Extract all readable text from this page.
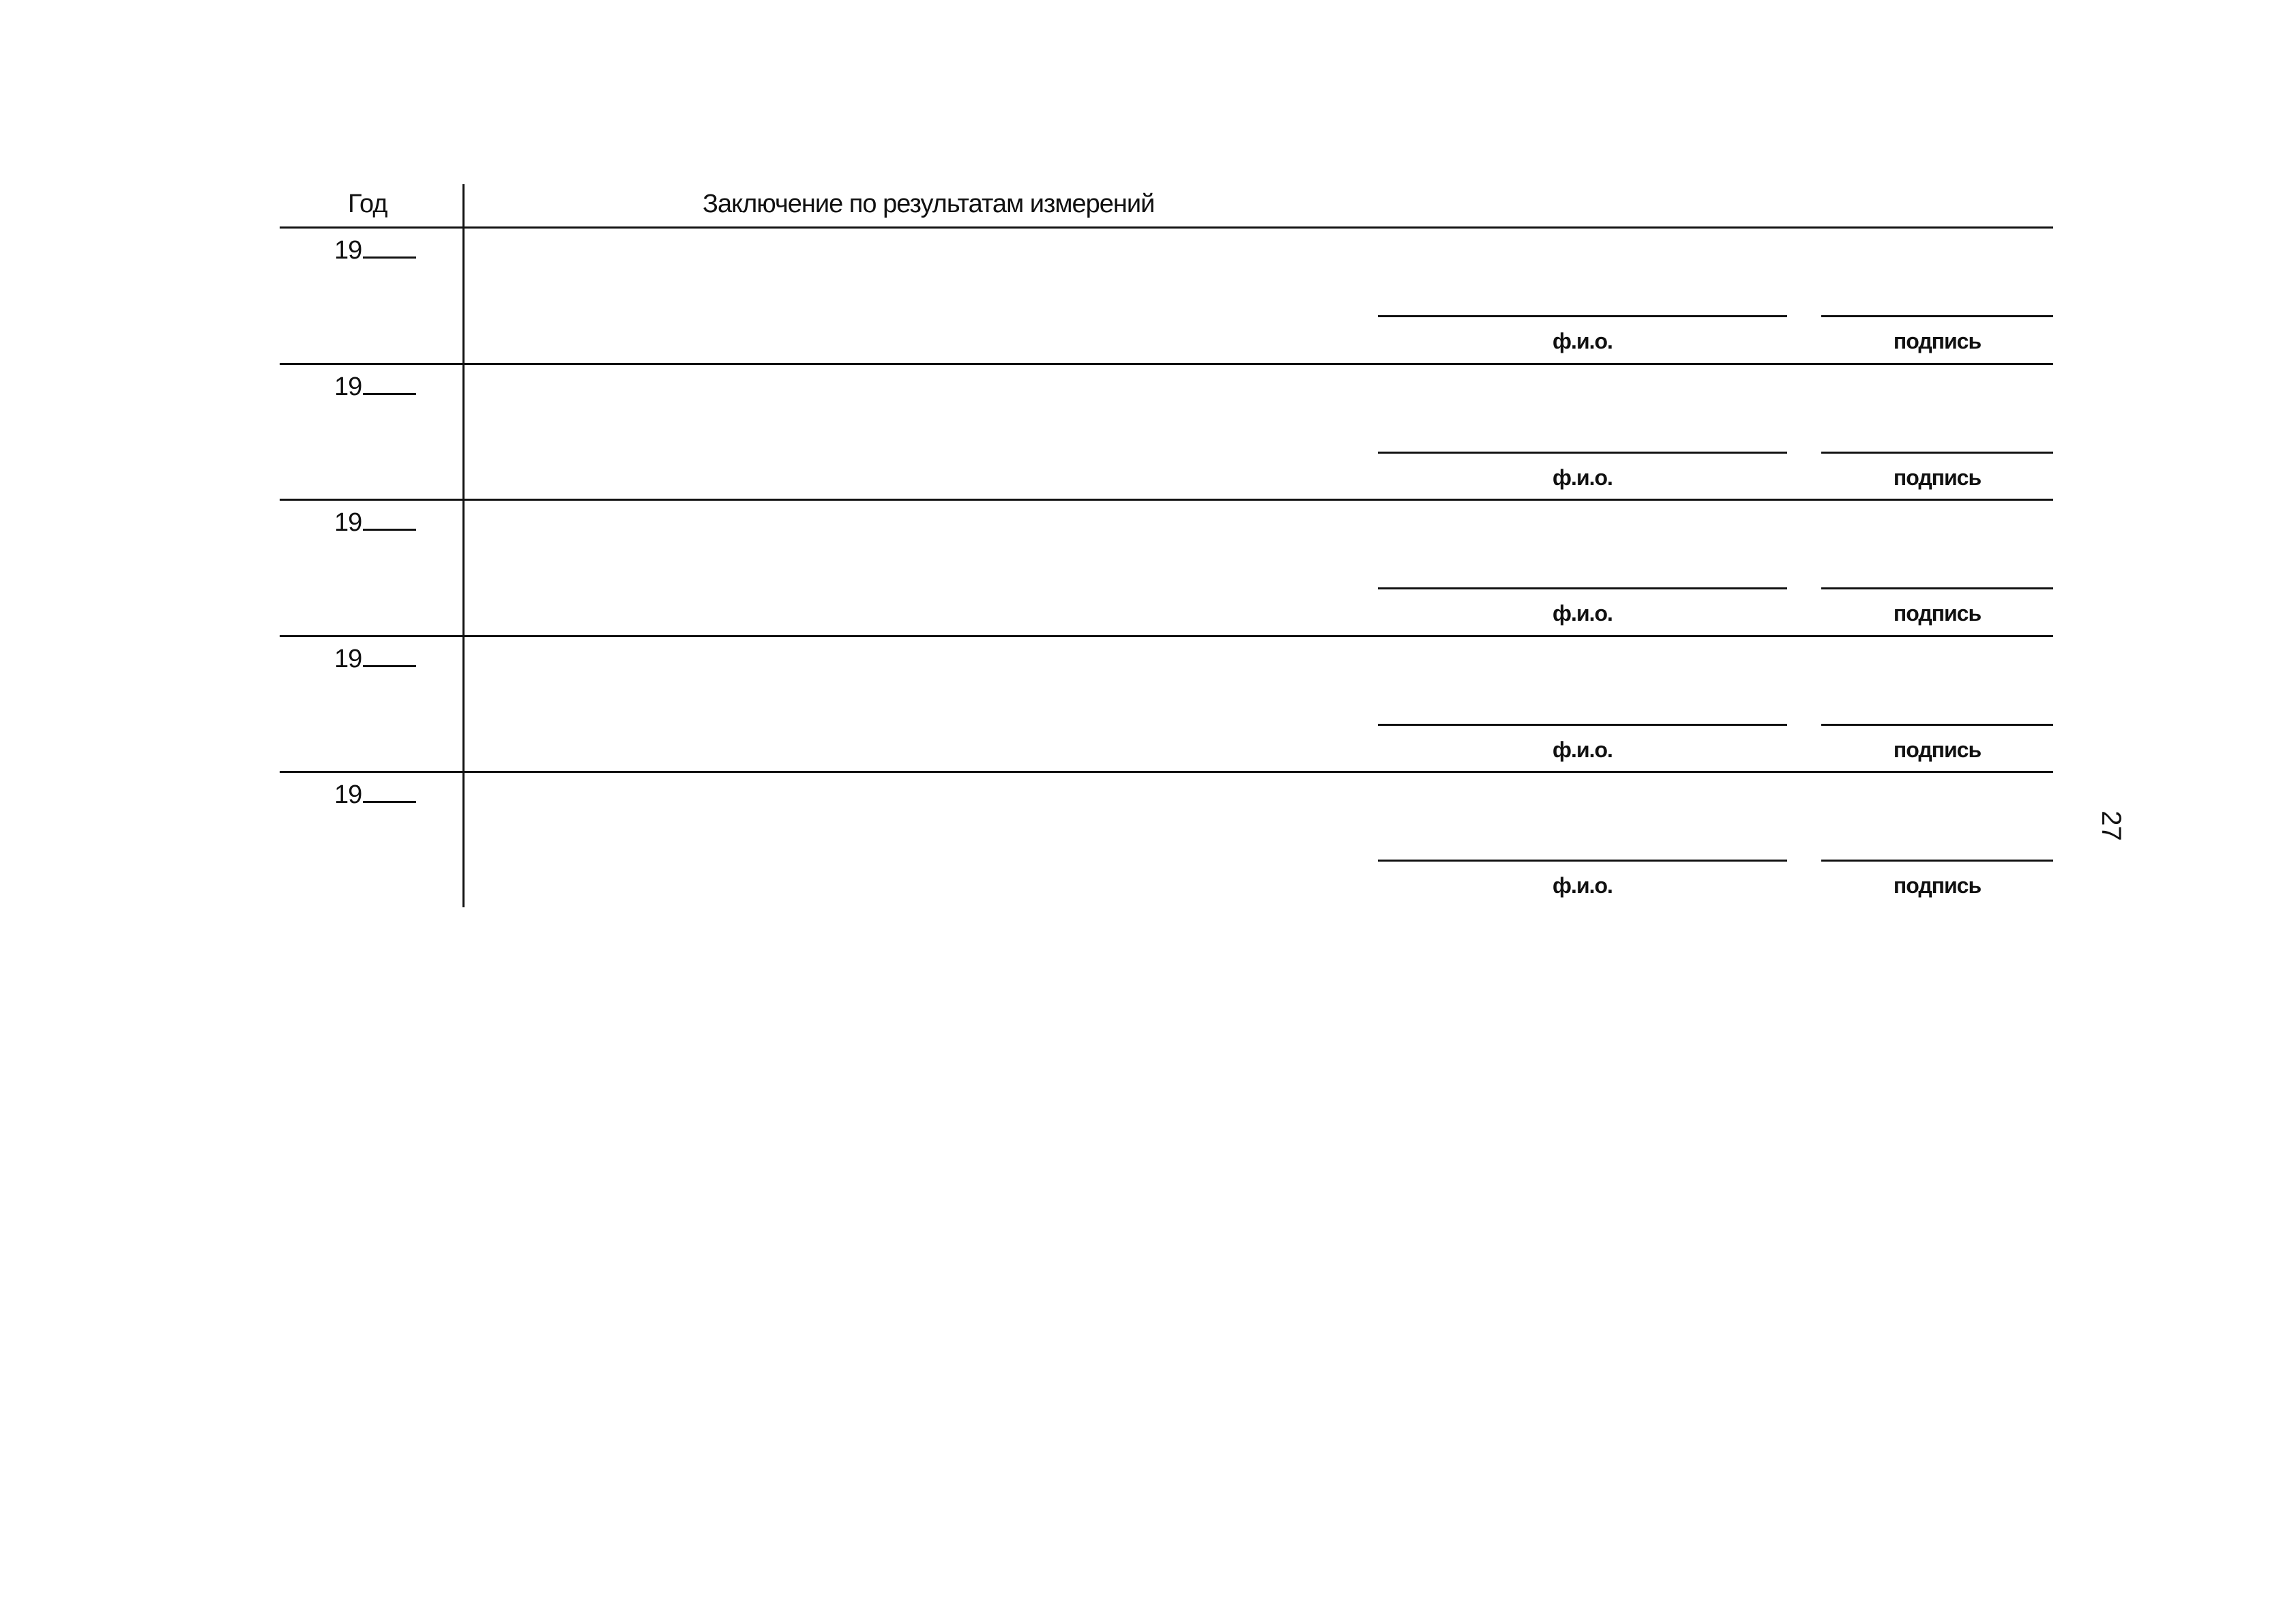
Год	Заключение по результатам измерений
19
ф.и.о.	подпись
19
ф.и.о.	подпись
19
ф.и.о.	подпись
19
ф.и.о.	подпись
19
ф.и.о.	подпись
27
